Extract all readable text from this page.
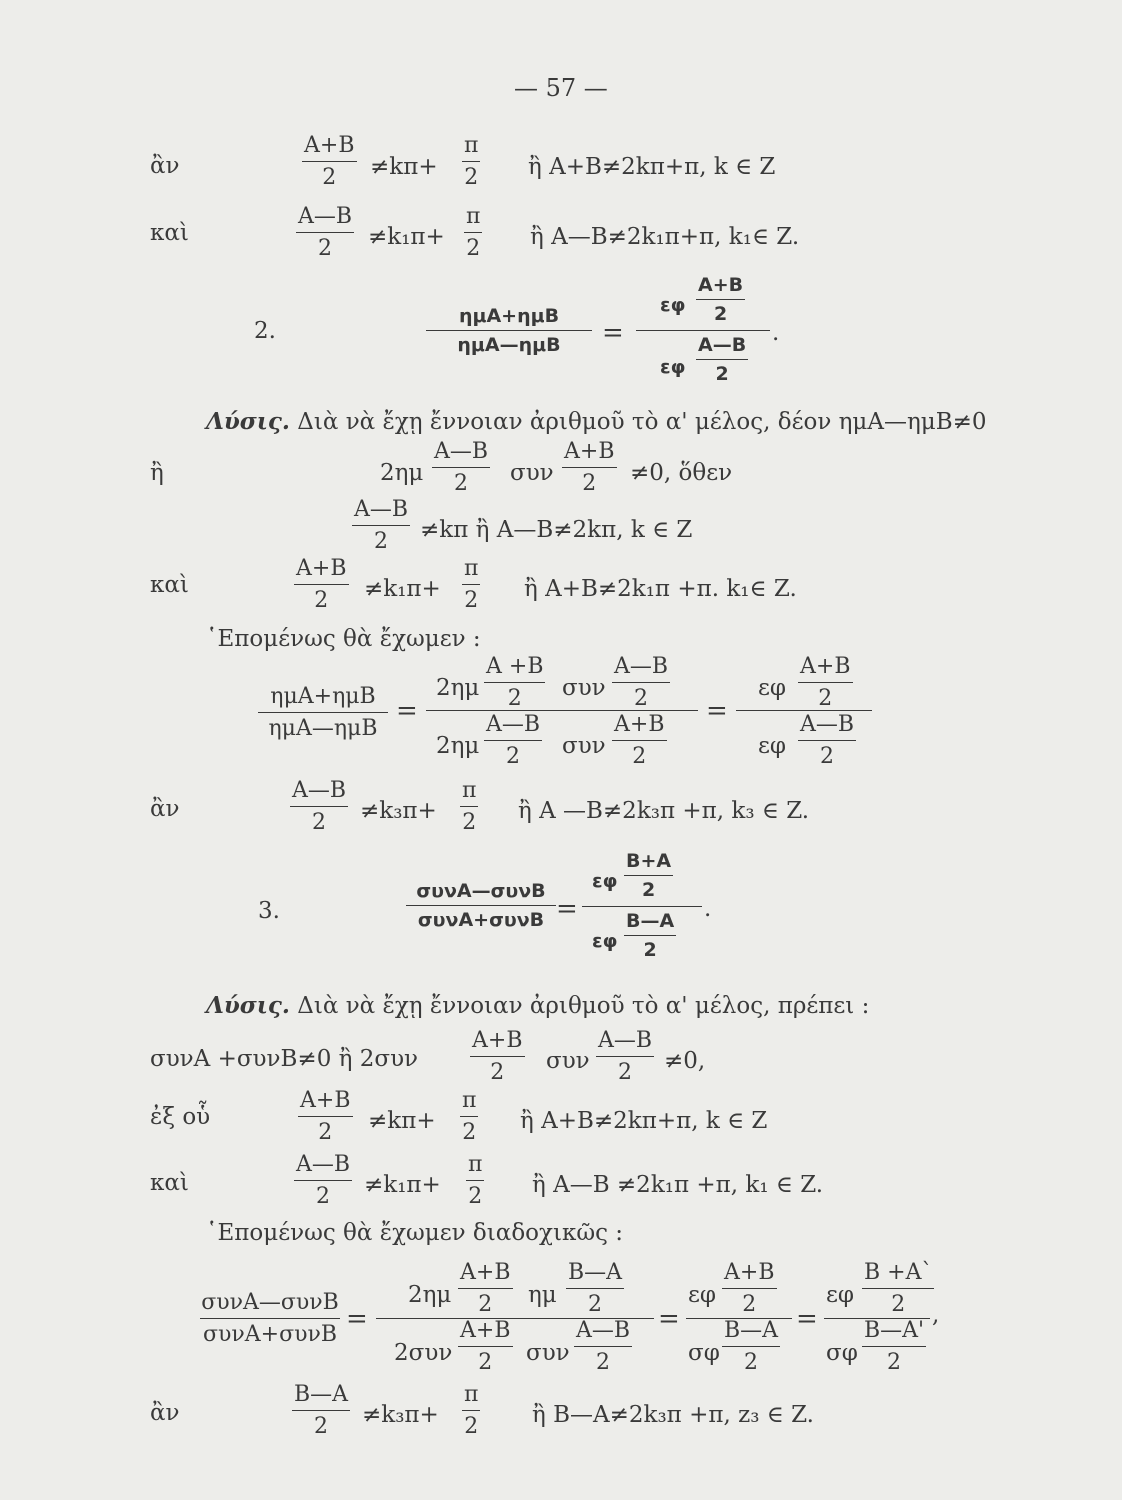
— 57 —
ἂν
A+B
2 ≠kπ+
π
2 ἢ A+B≠2kπ+π, k ∈ Z
καὶ
A—B
2 ≠k₁π+
π
2 ἢ A—B≠2k₁π+π, k₁∈ Z.
2.
ημA+ημB
ημA—ημB =
εφ
A+B
2
εφ
A—B
2
.
Λύσις. Διὰ νὰ ἔχῃ ἔννοιαν ἀριθμοῦ τὸ α' μέλος, δέον ημA—ημB≠0
ἢ	2ημ
A—B
2 συν
A+B
2 ≠0, ὅθεν
A—B
2 ≠kπ ἢ A—B≠2kπ, k ∈ Z
καὶ
A+B
2 ≠k₁π+
π
2 ἢ A+B≠2k₁π +π. k₁∈ Z.
῾Επομένως θὰ ἔχωμεν :
ημA+ημB
ημA—ημB
=
2ημ
A +B
2 συν
A—B
2
2ημ
A—B
2 συν
A+B
2
=
εφ
A+B
2
εφ
A—B
2
ἂν
A—B
2 ≠k₃π+
π
2 ἢ A —B≠2k₃π +π, k₃ ∈ Z.
3.
συνA—συνB
συνA+συνB =
εφ
B+A
2
εφ
B—A
2
.
Λύσις. Διὰ νὰ ἔχῃ ἔννοιαν ἀριθμοῦ τὸ α' μέλος, πρέπει :
συνA +συνB≠0 ἢ 2συν
A+B
2 συν
A—B
2 ≠0,
ἐξ οὗ
A+B
2 ≠kπ+
π
2 ἢ A+B≠2kπ+π, k ∈ Z
καὶ
A—B
2 ≠k₁π+
π
2 ἢ A—B ≠2k₁π +π, k₁ ∈ Z.
῾Επομένως θὰ ἔχωμεν διαδοχικῶς :
συνA—συνB
συνA+συνB
=
2ημ
A+B
2 ημ
B—A
2
2συν
A+B
2 συν
A—B
2
=
εφ
A+B
2
σφ
B—A
2
=
εφ
B +A`
2
σφ
B—A'
2
,
ἂν
B—A
2 ≠k₃π+
π
2 ἢ B—A≠2k₃π +π, z₃ ∈ Z.
